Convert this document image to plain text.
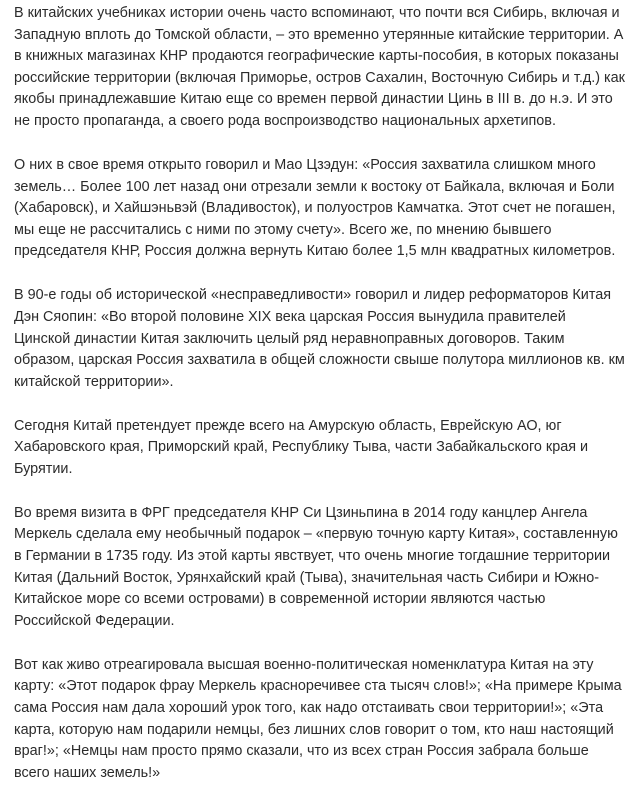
В китайских учебниках истории очень часто вспоминают, что почти вся Сибирь, включая и Западную вплоть до Томской области, – это временно утерянные китайские территории. А в книжных магазинах КНР продаются географические карты-пособия, в которых показаны российские территории (включая Приморье, остров Сахалин, Восточную Сибирь и т.д.) как якобы принадлежавшие Китаю еще со времен первой династии Цинь в III в. до н.э. И это не просто пропаганда, а своего рода воспроизводство национальных архетипов.

О них в свое время открыто говорил и Мао Цзэдун: «Россия захватила слишком много земель… Более 100 лет назад они отрезали земли к востоку от Байкала, включая и Боли (Хабаровск), и Хайшэньвэй (Владивосток), и полуостров Камчатка. Этот счет не погашен, мы еще не рассчитались с ними по этому счету». Всего же, по мнению бывшего председателя КНР, Россия должна вернуть Китаю более 1,5 млн квадратных километров.

В 90-е годы об исторической «несправедливости» говорил и лидер реформаторов Китая Дэн Сяопин: «Во второй половине XIX века царская Россия вынудила правителей Цинской династии Китая заключить целый ряд неравноправных договоров. Таким образом, царская Россия захватила в общей сложности свыше полутора миллионов кв. км китайской территории».

Сегодня Китай претендует прежде всего на Амурскую область, Еврейскую АО, юг Хабаровского края, Приморский край, Республику Тыва, части Забайкальского края и Бурятии.

Во время визита в ФРГ председателя КНР Си Цзиньпина в 2014 году канцлер Ангела Меркель сделала ему необычный подарок – «первую точную карту Китая», составленную в Германии в 1735 году. Из этой карты явствует, что очень многие тогдашние территории Китая (Дальний Восток, Урянхайский край (Тыва), значительная часть Сибири и Южно-Китайское море со всеми островами) в современной истории являются частью Российской Федерации.

Вот как живо отреагировала высшая военно-политическая номенклатура Китая на эту карту: «Этот подарок фрау Меркель красноречивее ста тысяч слов!»; «На примере Крыма сама Россия нам дала хороший урок того, как надо отстаивать свои территории!»; «Эта карта, которую нам подарили немцы, без лишних слов говорит о том, кто наш настоящий враг!»; «Немцы нам просто прямо сказали, что из всех стран Россия забрала больше всего наших земель!»
